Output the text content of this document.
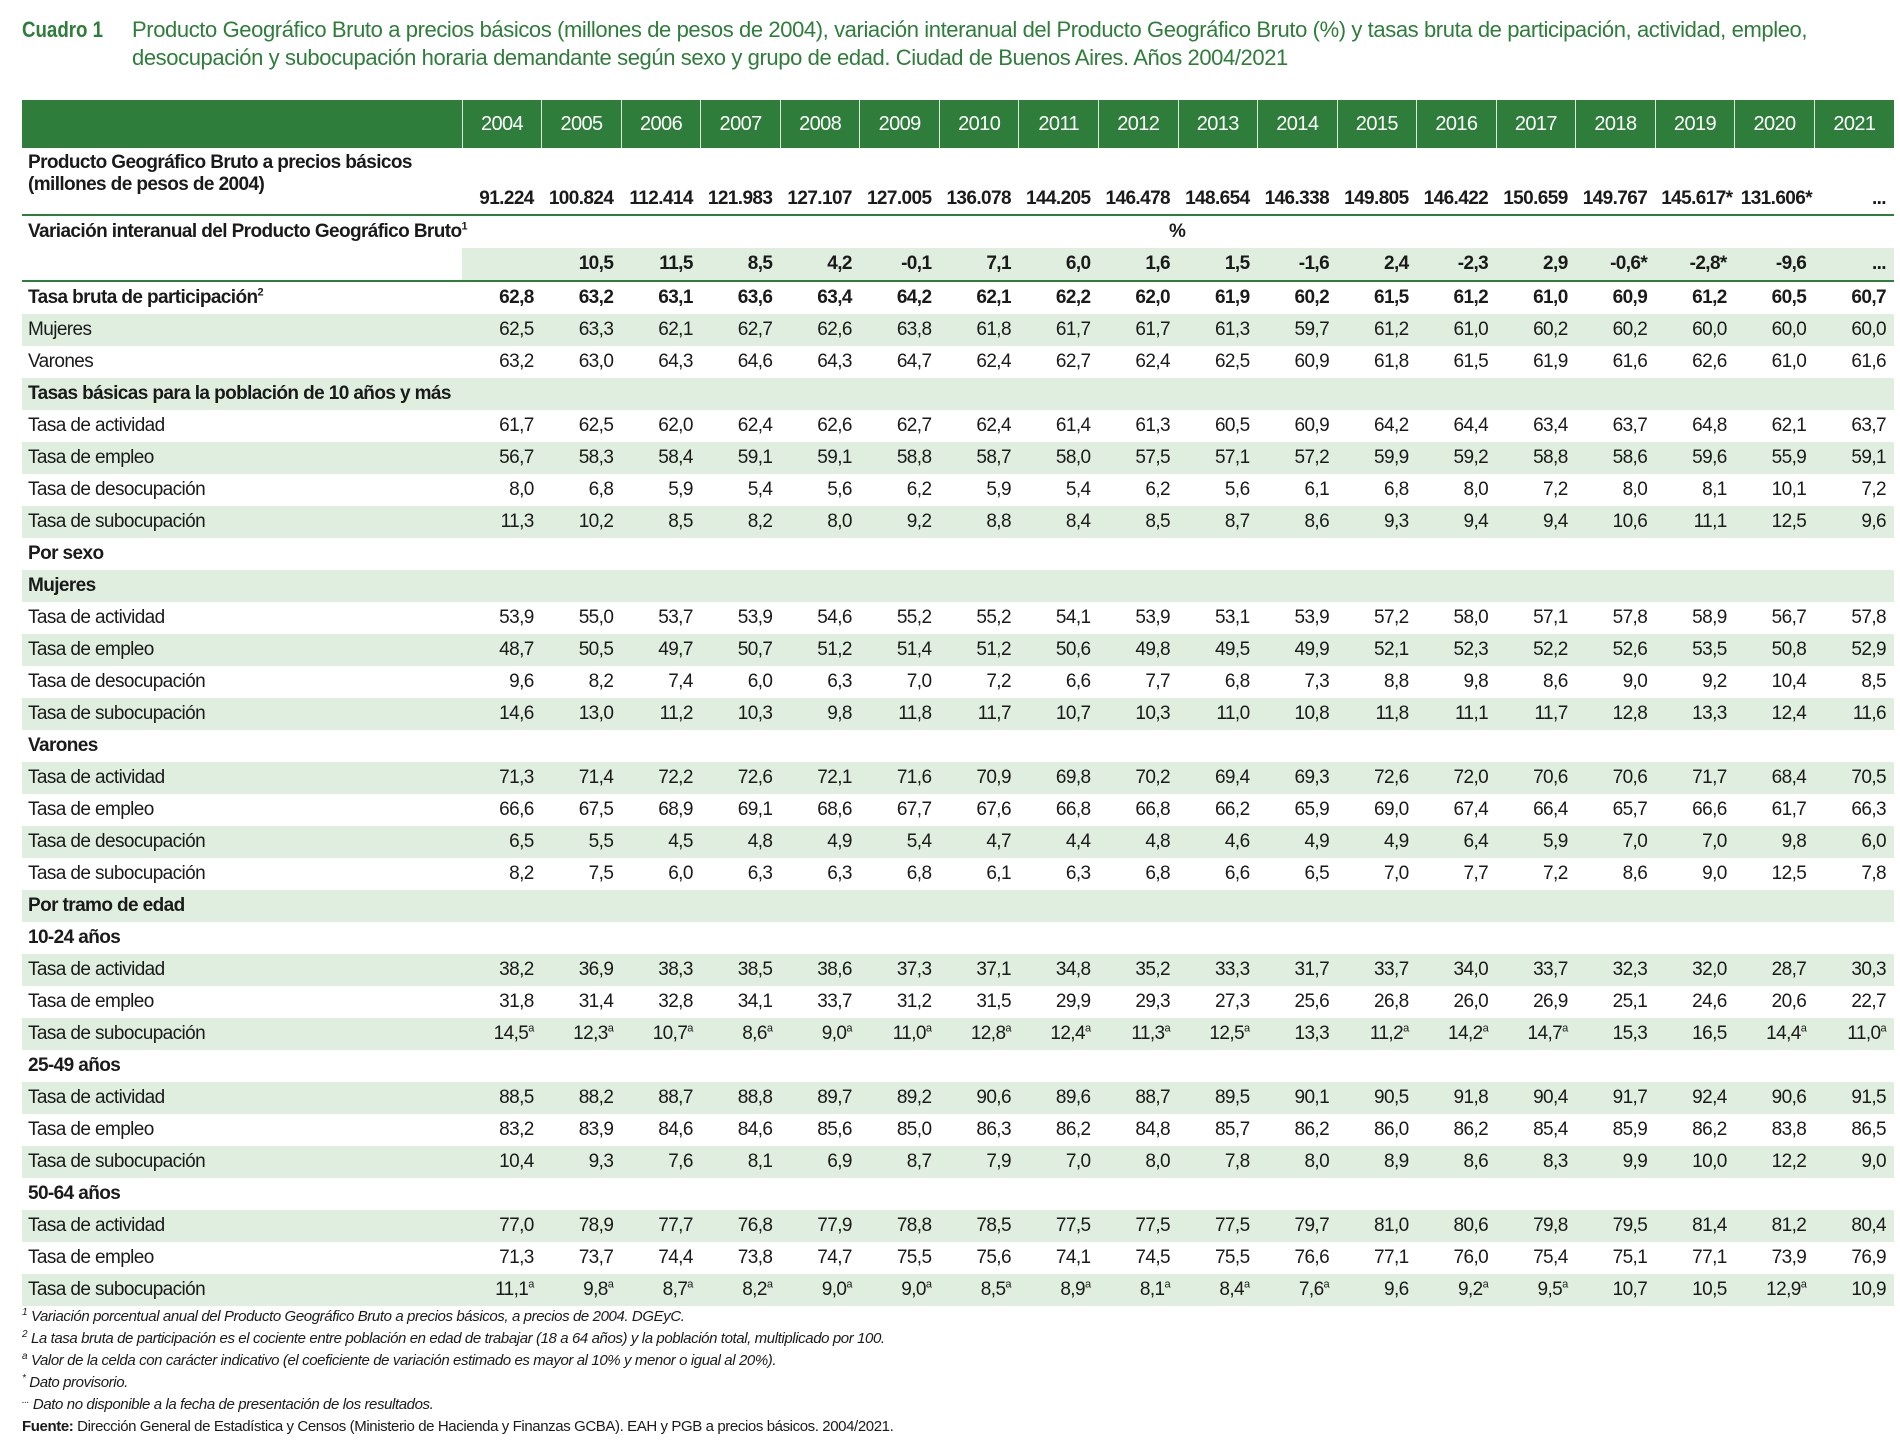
Cuadro 1	Producto Geográfico Bruto a precios básicos (millones de pesos de 2004), variación interanual del Producto Geográfico Bruto (%) y tasas bruta de participación, actividad, empleo, desocupación y subocupación horaria demandante según sexo y grupo de edad. Ciudad de Buenos Aires. Años 2004/2021
	2004	2005	2006	2007	2008	2009	2010	2011	2012	2013	2014	2015	2016	2017	2018	2019	2020	2021
Producto Geográfico Bruto a precios básicos
(millones de pesos de 2004)	91.224	100.824	112.414	121.983	127.107	127.005	136.078	144.205	146.478	148.654	146.338	149.805	146.422	150.659	149.767	145.617*	131.606*	...
Variación interanual del Producto Geográfico Bruto$^1$	%																	
		10,5	11,5	8,5	4,2	-0,1	7,1	6,0	1,6	1,5	-1,6	2,4	-2,3	2,9	-0,6*	-2,8*	-9,6	...
Tasa bruta de participación$^2$	62,8	63,2	63,1	63,6	63,4	64,2	62,1	62,2	62,0	61,9	60,2	61,5	61,2	61,0	60,9	61,2	60,5	60,7
Mujeres	62,5	63,3	62,1	62,7	62,6	63,8	61,8	61,7	61,7	61,3	59,7	61,2	61,0	60,2	60,2	60,0	60,0	60,0
Varones	63,2	63,0	64,3	64,6	64,3	64,7	62,4	62,7	62,4	62,5	60,9	61,8	61,5	61,9	61,6	62,6	61,0	61,6
Tasas básicas para la población de 10 años y más																		
Tasa de actividad	61,7	62,5	62,0	62,4	62,6	62,7	62,4	61,4	61,3	60,5	60,9	64,2	64,4	63,4	63,7	64,8	62,1	63,7
Tasa de empleo	56,7	58,3	58,4	59,1	59,1	58,8	58,7	58,0	57,5	57,1	57,2	59,9	59,2	58,8	58,6	59,6	55,9	59,1
Tasa de desocupación	8,0	6,8	5,9	5,4	5,6	6,2	5,9	5,4	6,2	5,6	6,1	6,8	8,0	7,2	8,0	8,1	10,1	7,2
Tasa de subocupación	11,3	10,2	8,5	8,2	8,0	9,2	8,8	8,4	8,5	8,7	8,6	9,3	9,4	9,4	10,6	11,1	12,5	9,6
Por sexo																		
Mujeres																		
Tasa de actividad	53,9	55,0	53,7	53,9	54,6	55,2	55,2	54,1	53,9	53,1	53,9	57,2	58,0	57,1	57,8	58,9	56,7	57,8
Tasa de empleo	48,7	50,5	49,7	50,7	51,2	51,4	51,2	50,6	49,8	49,5	49,9	52,1	52,3	52,2	52,6	53,5	50,8	52,9
Tasa de desocupación	9,6	8,2	7,4	6,0	6,3	7,0	7,2	6,6	7,7	6,8	7,3	8,8	9,8	8,6	9,0	9,2	10,4	8,5
Tasa de subocupación	14,6	13,0	11,2	10,3	9,8	11,8	11,7	10,7	10,3	11,0	10,8	11,8	11,1	11,7	12,8	13,3	12,4	11,6
Varones																		
Tasa de actividad	71,3	71,4	72,2	72,6	72,1	71,6	70,9	69,8	70,2	69,4	69,3	72,6	72,0	70,6	70,6	71,7	68,4	70,5
Tasa de empleo	66,6	67,5	68,9	69,1	68,6	67,7	67,6	66,8	66,8	66,2	65,9	69,0	67,4	66,4	65,7	66,6	61,7	66,3
Tasa de desocupación	6,5	5,5	4,5	4,8	4,9	5,4	4,7	4,4	4,8	4,6	4,9	4,9	6,4	5,9	7,0	7,0	9,8	6,0
Tasa de subocupación	8,2	7,5	6,0	6,3	6,3	6,8	6,1	6,3	6,8	6,6	6,5	7,0	7,7	7,2	8,6	9,0	12,5	7,8
Por tramo de edad																		
10-24 años																		
Tasa de actividad	38,2	36,9	38,3	38,5	38,6	37,3	37,1	34,8	35,2	33,3	31,7	33,7	34,0	33,7	32,3	32,0	28,7	30,3
Tasa de empleo	31,8	31,4	32,8	34,1	33,7	31,2	31,5	29,9	29,3	27,3	25,6	26,8	26,0	26,9	25,1	24,6	20,6	22,7
Tasa de subocupación	14,5$^a$	12,3$^a$	10,7$^a$	8,6$^a$	9,0$^a$	11,0$^a$	12,8$^a$	12,4$^a$	11,3$^a$	12,5$^a$	13,3	11,2$^a$	14,2$^a$	14,7$^a$	15,3	16,5	14,4$^a$	11,0$^a$
25-49 años																		
Tasa de actividad	88,5	88,2	88,7	88,8	89,7	89,2	90,6	89,6	88,7	89,5	90,1	90,5	91,8	90,4	91,7	92,4	90,6	91,5
Tasa de empleo	83,2	83,9	84,6	84,6	85,6	85,0	86,3	86,2	84,8	85,7	86,2	86,0	86,2	85,4	85,9	86,2	83,8	86,5
Tasa de subocupación	10,4	9,3	7,6	8,1	6,9	8,7	7,9	7,0	8,0	7,8	8,0	8,9	8,6	8,3	9,9	10,0	12,2	9,0
50-64 años																		
Tasa de actividad	77,0	78,9	77,7	76,8	77,9	78,8	78,5	77,5	77,5	77,5	79,7	81,0	80,6	79,8	79,5	81,4	81,2	80,4
Tasa de empleo	71,3	73,7	74,4	73,8	74,7	75,5	75,6	74,1	74,5	75,5	76,6	77,1	76,0	75,4	75,1	77,1	73,9	76,9
Tasa de subocupación	11,1$^a$	9,8$^a$	8,7$^a$	8,2$^a$	9,0$^a$	9,0$^a$	8,5$^a$	8,9$^a$	8,1$^a$	8,4$^a$	7,6$^a$	9,6	9,2$^a$	9,5$^a$	10,7	10,5	12,9$^a$	10,9
$^1$ Variación porcentual anual del Producto Geográfico Bruto a precios básicos, a precios de 2004. DGEyC.
$^2$ La tasa bruta de participación es el cociente entre población en edad de trabajar (18 a 64 años) y la población total, multiplicado por 100.
$^a$ Valor de la celda con carácter indicativo (el coeficiente de variación estimado es mayor al 10% y menor o igual al 20%).
* Dato provisorio.
... Dato no disponible a la fecha de presentación de los resultados.
Fuente: Dirección General de Estadística y Censos (Ministerio de Hacienda y Finanzas GCBA). EAH y PGB a precios básicos. 2004/2021.
